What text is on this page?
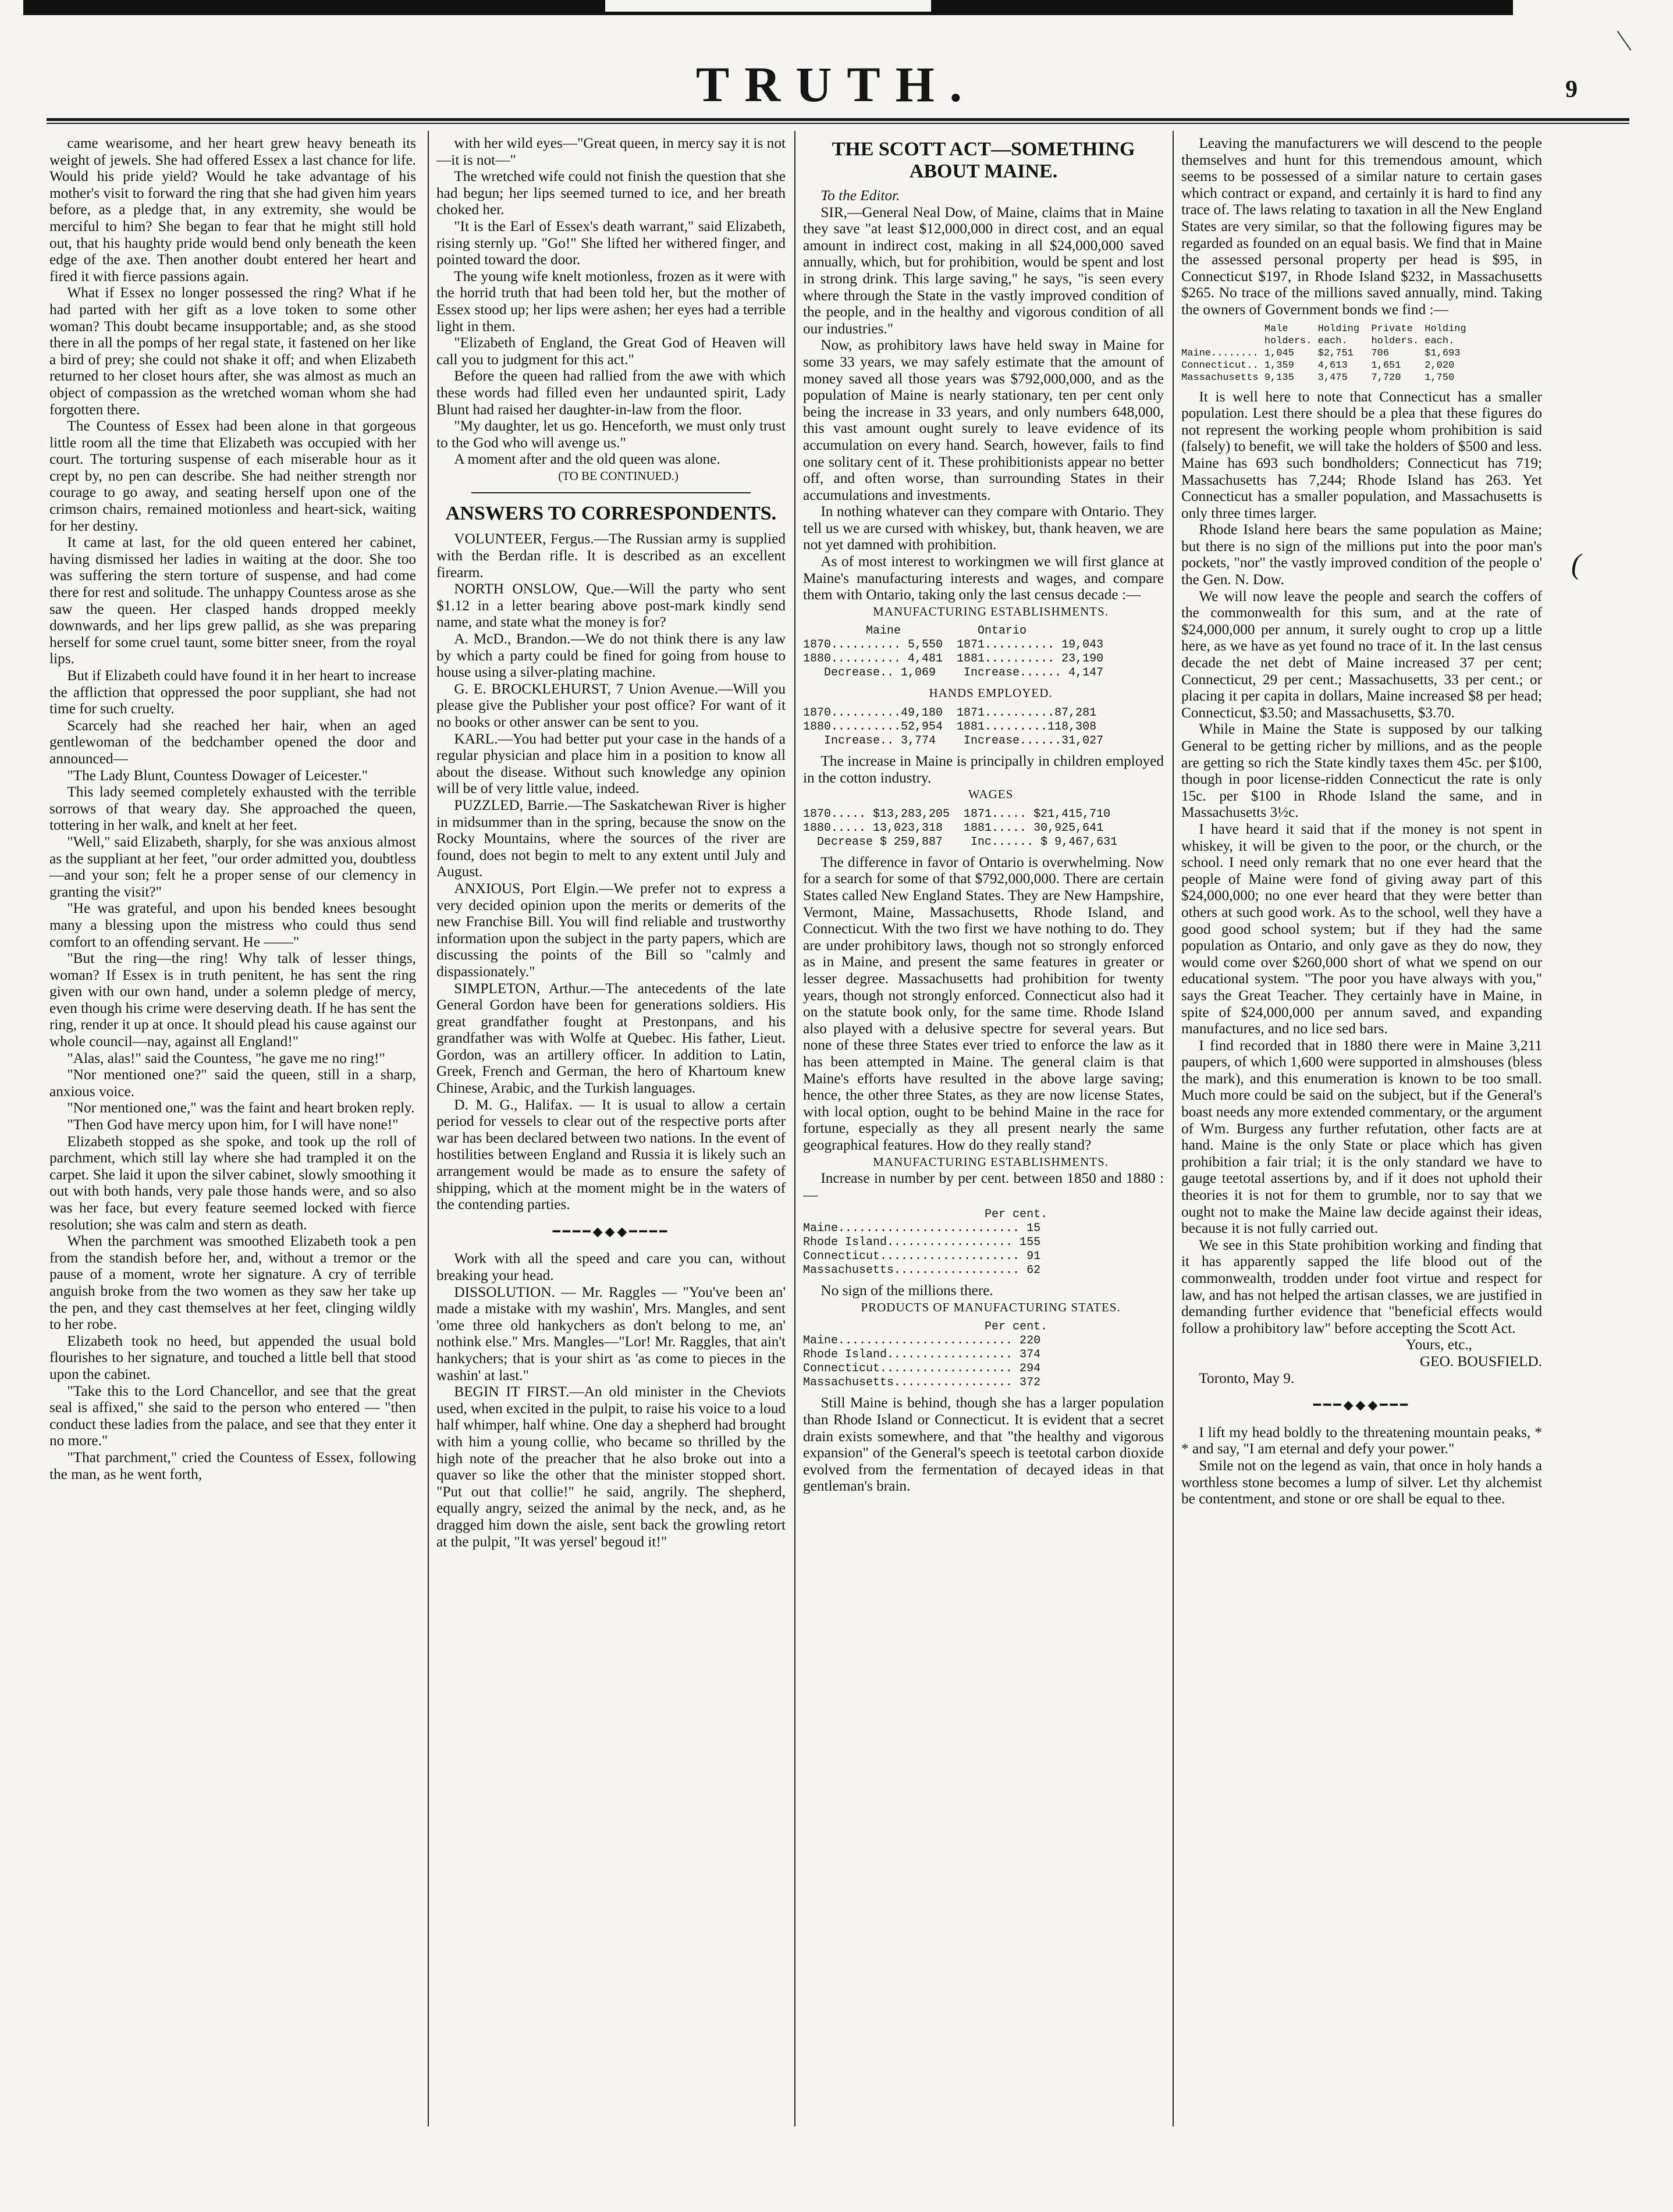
TRUTH.	9

came wearisome, and her heart grew heavy beneath its weight of jewels. She had offered Essex a last chance for life. Would his pride yield? Would he take advantage of his mother's visit to forward the ring that she had given him years before, as a pledge that, in any extremity, she would be merciful to him? She began to fear that he might still hold out, that his haughty pride would bend only beneath the keen edge of the axe. Then another doubt entered her heart and fired it with fierce passions again.

What if Essex no longer possessed the ring? What if he had parted with her gift as a love token to some other woman? This doubt became insupportable; and, as she stood there in all the pomps of her regal state, it fastened on her like a bird of prey; she could not shake it off; and when Elizabeth returned to her closet hours after, she was almost as much an object of compassion as the wretched woman whom she had forgotten there.

The Countess of Essex had been alone in that gorgeous little room all the time that Elizabeth was occupied with her court. The torturing suspense of each miserable hour as it crept by, no pen can describe. She had neither strength nor courage to go away, and seating herself upon one of the crimson chairs, remained motionless and heart-sick, waiting for her destiny.

It came at last, for the old queen entered her cabinet, having dismissed her ladies in waiting at the door. She too was suffering the stern torture of suspense, and had come there for rest and solitude. The unhappy Countess arose as she saw the queen. Her clasped hands dropped meekly downwards, and her lips grew pallid, as she was preparing herself for some cruel taunt, some bitter sneer, from the royal lips.

But if Elizabeth could have found it in her heart to increase the affliction that oppressed the poor suppliant, she had not time for such cruelty.

Scarcely had she reached her hair, when an aged gentlewoman of the bedchamber opened the door and announced—

"The Lady Blunt, Countess Dowager of Leicester."

This lady seemed completely exhausted with the terrible sorrows of that weary day. She approached the queen, tottering in her walk, and knelt at her feet.

"Well," said Elizabeth, sharply, for she was anxious almost as the suppliant at her feet, "our order admitted you, doubtless—and your son; felt he a proper sense of our clemency in granting the visit?"

"He was grateful, and upon his bended knees besought many a blessing upon the mistress who could thus send comfort to an offending servant. He ——"

"But the ring—the ring! Why talk of lesser things, woman? If Essex is in truth penitent, he has sent the ring given with our own hand, under a solemn pledge of mercy, even though his crime were deserving death. If he has sent the ring, render it up at once. It should plead his cause against our whole council—nay, against all England!"

"Alas, alas!" said the Countess, "he gave me no ring!"

"Nor mentioned one?" said the queen, still in a sharp, anxious voice.

"Nor mentioned one," was the faint and heart broken reply.

"Then God have mercy upon him, for I will have none!"

Elizabeth stopped as she spoke, and took up the roll of parchment, which still lay where she had trampled it on the carpet. She laid it upon the silver cabinet, slowly smoothing it out with both hands, very pale those hands were, and so also was her face, but every feature seemed locked with fierce resolution; she was calm and stern as death.

When the parchment was smoothed Elizabeth took a pen from the standish before her, and, without a tremor or the pause of a moment, wrote her signature. A cry of terrible anguish broke from the two women as they saw her take up the pen, and they cast themselves at her feet, clinging wildly to her robe.

Elizabeth took no heed, but appended the usual bold flourishes to her signature, and touched a little bell that stood upon the cabinet.

"Take this to the Lord Chancellor, and see that the great seal is affixed," she said to the person who entered — "then conduct these ladies from the palace, and see that they enter it no more."

"That parchment," cried the Countess of Essex, following the man, as he went forth,

with her wild eyes—"Great queen, in mercy say it is not—it is not—"

The wretched wife could not finish the question that she had begun; her lips seemed turned to ice, and her breath choked her.

"It is the Earl of Essex's death warrant," said Elizabeth, rising sternly up. "Go!" She lifted her withered finger, and pointed toward the door.

The young wife knelt motionless, frozen as it were with the horrid truth that had been told her, but the mother of Essex stood up; her lips were ashen; her eyes had a terrible light in them.

"Elizabeth of England, the Great God of Heaven will call you to judgment for this act."

Before the queen had rallied from the awe with which these words had filled even her undaunted spirit, Lady Blunt had raised her daughter-in-law from the floor.

"My daughter, let us go. Henceforth, we must only trust to the God who will avenge us."

A moment after and the old queen was alone.

(TO BE CONTINUED.)

ANSWERS TO CORRESPONDENTS.

VOLUNTEER, Fergus.—The Russian army is supplied with the Berdan rifle. It is described as an excellent firearm.

NORTH ONSLOW, Que.—Will the party who sent $1.12 in a letter bearing above post-mark kindly send name, and state what the money is for?

A. McD., Brandon.—We do not think there is any law by which a party could be fined for going from house to house using a silver-plating machine.

G. E. BROCKLEHURST, 7 Union Avenue.—Will you please give the Publisher your post office? For want of it no books or other answer can be sent to you.

KARL.—You had better put your case in the hands of a regular physician and place him in a position to know all about the disease. Without such knowledge any opinion will be of very little value, indeed.

PUZZLED, Barrie.—The Saskatchewan River is higher in midsummer than in the spring, because the snow on the Rocky Mountains, where the sources of the river are found, does not begin to melt to any extent until July and August.

ANXIOUS, Port Elgin.—We prefer not to express a very decided opinion upon the merits or demerits of the new Franchise Bill. You will find reliable and trustworthy information upon the subject in the party papers, which are discussing the points of the Bill so "calmly and dispassionately."

SIMPLETON, Arthur.—The antecedents of the late General Gordon have been for generations soldiers. His great grandfather fought at Prestonpans, and his grandfather was with Wolfe at Quebec. His father, Lieut. Gordon, was an artillery officer. In addition to Latin, Greek, French and German, the hero of Khartoum knew Chinese, Arabic, and the Turkish languages.

D. M. G., Halifax. — It is usual to allow a certain period for vessels to clear out of the respective ports after war has been declared between two nations. In the event of hostilities between England and Russia it is likely such an arrangement would be made as to ensure the safety of shipping, which at the moment might be in the waters of the contending parties.

━━━━◆◆◆━━━━

Work with all the speed and care you can, without breaking your head.

DISSOLUTION. — Mr. Raggles — "You've been an' made a mistake with my washin', Mrs. Mangles, and sent 'ome three old hankychers as don't belong to me, an' nothink else." Mrs. Mangles—"Lor! Mr. Raggles, that ain't hankychers; that is your shirt as 'as come to pieces in the washin' at last."

BEGIN IT FIRST.—An old minister in the Cheviots used, when excited in the pulpit, to raise his voice to a loud half whimper, half whine. One day a shepherd had brought with him a young collie, who became so thrilled by the high note of the preacher that he also broke out into a quaver so like the other that the minister stopped short. "Put out that collie!" he said, angrily. The shepherd, equally angry, seized the animal by the neck, and, as he dragged him down the aisle, sent back the growling retort at the pulpit, "It was yersel' begoud it!"

THE SCOTT ACT—SOMETHING ABOUT MAINE.

To the Editor.

SIR,—General Neal Dow, of Maine, claims that in Maine they save "at least $12,000,000 in direct cost, and an equal amount in indirect cost, making in all $24,000,000 saved annually, which, but for prohibition, would be spent and lost in strong drink. This large saving," he says, "is seen every where through the State in the vastly improved condition of the people, and in the healthy and vigorous condition of all our industries."

Now, as prohibitory laws have held sway in Maine for some 33 years, we may safely estimate that the amount of money saved all those years was $792,000,000, and as the population of Maine is nearly stationary, ten per cent only being the increase in 33 years, and only numbers 648,000, this vast amount ought surely to leave evidence of its accumulation on every hand. Search, however, fails to find one solitary cent of it. These prohibitionists appear no better off, and often worse, than surrounding States in their accumulations and investments.

In nothing whatever can they compare with Ontario. They tell us we are cursed with whiskey, but, thank heaven, we are not yet damned with prohibition.

As of most interest to workingmen we will first glance at Maine's manufacturing interests and wages, and compare them with Ontario, taking only the last census decade :—

MANUFACTURING ESTABLISHMENTS.

Maine           Ontario
1870.......... 5,550  1871.......... 19,043
1880.......... 4,481  1881.......... 23,190
Decrease.. 1,069    Increase...... 4,147

HANDS EMPLOYED.

1870..........49,180  1871..........87,281
1880..........52,954  1881.........118,308
Increase.. 3,774    Increase......31,027

The increase in Maine is principally in children employed in the cotton industry.

WAGES

1870..... $13,283,205  1871..... $21,415,710
1880..... 13,023,318   1881..... 30,925,641
Decrease $ 259,887    Inc...... $ 9,467,631

The difference in favor of Ontario is overwhelming. Now for a search for some of that $792,000,000. There are certain States called New England States. They are New Hampshire, Vermont, Maine, Massachusetts, Rhode Island, and Connecticut. With the two first we have nothing to do. They are under prohibitory laws, though not so strongly enforced as in Maine, and present the same features in greater or lesser degree. Massachusetts had prohibition for twenty years, though not strongly enforced. Connecticut also had it on the statute book only, for the same time. Rhode Island also played with a delusive spectre for several years. But none of these three States ever tried to enforce the law as it has been attempted in Maine. The general claim is that Maine's efforts have resulted in the above large saving; hence, the other three States, as they are now license States, with local option, ought to be behind Maine in the race for fortune, especially as they all present nearly the same geographical features. How do they really stand?

MANUFACTURING ESTABLISHMENTS.

Increase in number by per cent. between 1850 and 1880 :—

Per cent.
Maine.......................... 15
Rhode Island.................. 155
Connecticut.................... 91
Massachusetts.................. 62

No sign of the millions there.

PRODUCTS OF MANUFACTURING STATES.

Per cent.
Maine......................... 220
Rhode Island.................. 374
Connecticut................... 294
Massachusetts................. 372

Still Maine is behind, though she has a larger population than Rhode Island or Connecticut. It is evident that a secret drain exists somewhere, and that "the healthy and vigorous expansion" of the General's speech is teetotal carbon dioxide evolved from the fermentation of decayed ideas in that gentleman's brain.

Leaving the manufacturers we will descend to the people themselves and hunt for this tremendous amount, which seems to be possessed of a similar nature to certain gases which contract or expand, and certainly it is hard to find any trace of. The laws relating to taxation in all the New England States are very similar, so that the following figures may be regarded as founded on an equal basis. We find that in Maine the assessed personal property per head is $95, in Connecticut $197, in Rhode Island $232, in Massachusetts $265. No trace of the millions saved annually, mind. Taking the owners of Government bonds we find :—

Male     Holding  Private  Holding
holders. each.    holders. each.
Maine........ 1,045    $2,751   706      $1,693
Connecticut.. 1,359    4,613    1,651    2,020
Massachusetts 9,135    3,475    7,720    1,750

It is well here to note that Connecticut has a smaller population. Lest there should be a plea that these figures do not represent the working people whom prohibition is said (falsely) to benefit, we will take the holders of $500 and less. Maine has 693 such bondholders; Connecticut has 719; Massachusetts has 7,244; Rhode Island has 263. Yet Connecticut has a smaller population, and Massachusetts is only three times larger.

Rhode Island here bears the same population as Maine; but there is no sign of the millions put into the poor man's pockets, "nor" the vastly improved condition of the people o' the Gen. N. Dow.

We will now leave the people and search the coffers of the commonwealth for this sum, and at the rate of $24,000,000 per annum, it surely ought to crop up a little here, as we have as yet found no trace of it. In the last census decade the net debt of Maine increased 37 per cent; Connecticut, 29 per cent.; Massachusetts, 33 per cent.; or placing it per capita in dollars, Maine increased $8 per head; Connecticut, $3.50; and Massachusetts, $3.70.

While in Maine the State is supposed by our talking General to be getting richer by millions, and as the people are getting so rich the State kindly taxes them 45c. per $100, though in poor license-ridden Connecticut the rate is only 15c. per $100 in Rhode Island the same, and in Massachusetts 3½c.

I have heard it said that if the money is not spent in whiskey, it will be given to the poor, or the church, or the school. I need only remark that no one ever heard that the people of Maine were fond of giving away part of this $24,000,000; no one ever heard that they were better than others at such good work. As to the school, well they have a good good school system; but if they had the same population as Ontario, and only gave as they do now, they would come over $260,000 short of what we spend on our educational system. "The poor you have always with you," says the Great Teacher. They certainly have in Maine, in spite of $24,000,000 per annum saved, and expanding manufactures, and no lice sed bars.

I find recorded that in 1880 there were in Maine 3,211 paupers, of which 1,600 were supported in almshouses (bless the mark), and this enumeration is known to be too small. Much more could be said on the subject, but if the General's boast needs any more extended commentary, or the argument of Wm. Burgess any further refutation, other facts are at hand. Maine is the only State or place which has given prohibition a fair trial; it is the only standard we have to gauge teetotal assertions by, and if it does not uphold their theories it is not for them to grumble, nor to say that we ought not to make the Maine law decide against their ideas, because it is not fully carried out.

We see in this State prohibition working and finding that it has apparently sapped the life blood out of the commonwealth, trodden under foot virtue and respect for law, and has not helped the artisan classes, we are justified in demanding further evidence that "beneficial effects would follow a prohibitory law" before accepting the Scott Act.

Yours, etc.,

GEO. BOUSFIELD.

Toronto, May 9.

━━━◆◆◆━━━

I lift my head boldly to the threatening mountain peaks, * * and say, "I am eternal and defy your power."

Smile not on the legend as vain, that once in holy hands a worthless stone becomes a lump of silver. Let thy alchemist be contentment, and stone or ore shall be equal to thee.

(
